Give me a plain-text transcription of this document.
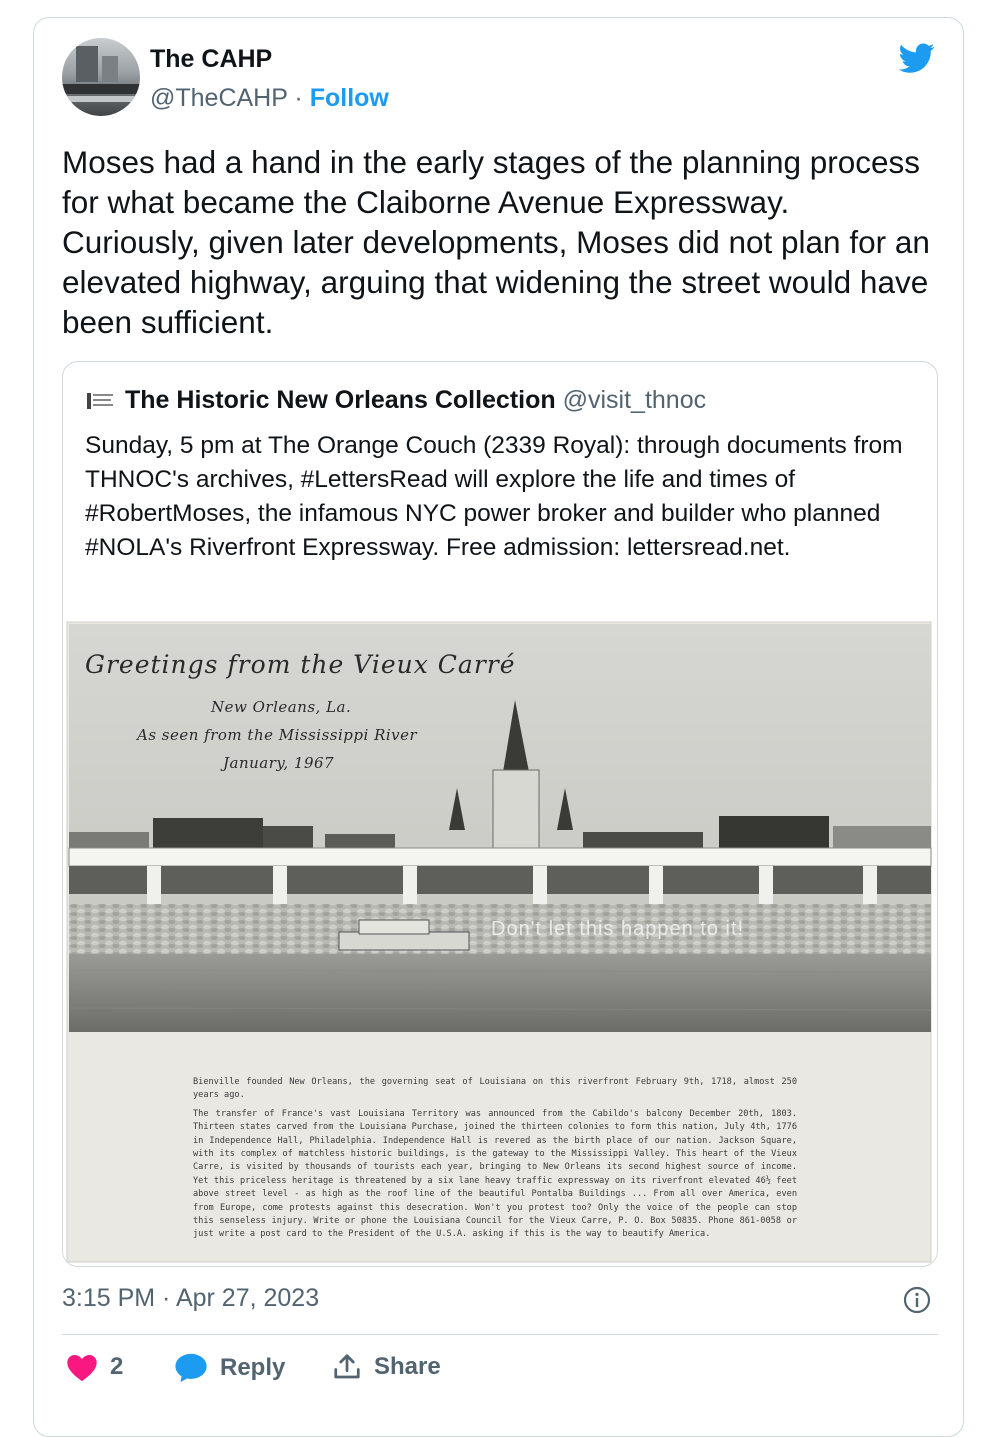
The CAHP
@TheCAHP · Follow

Moses had a hand in the early stages of the planning process for what became the Claiborne Avenue Expressway. Curiously, given later developments, Moses did not plan for an elevated highway, arguing that widening the street would have been sufficient.

The Historic New Orleans Collection @visit_thnoc

Sunday, 5 pm at The Orange Couch (2339 Royal): through documents from THNOC's archives, #LettersRead will explore the life and times of #RobertMoses, the infamous NYC power broker and builder who planned #NOLA's Riverfront Expressway. Free admission: lettersread.net.

Greetings from the Vieux Carré
New Orleans, La.
As seen from the Mississippi River
January, 1967
Don't let this happen to it!

Bienville founded New Orleans, the governing seat of Louisiana on this riverfront February 9th, 1718, almost 250 years ago.

The transfer of France's vast Louisiana Territory was announced from the Cabildo's balcony December 20th, 1803. Thirteen states carved from the Louisiana Purchase, joined the thirteen colonies to form this nation, July 4th, 1776 in Independence Hall, Philadelphia. Independence Hall is revered as the birth place of our nation. Jackson Square, with its complex of matchless historic buildings, is the gateway to the Mississippi Valley. This heart of the Vieux Carre, is visited by thousands of tourists each year, bringing to New Orleans its second highest source of income. Yet this priceless heritage is threatened by a six lane heavy traffic expressway on its riverfront elevated 46½ feet above street level - as high as the roof line of the beautiful Pontalba Buildings ... From all over America, even from Europe, come protests against this desecration. Won't you protest too? Only the voice of the people can stop this senseless injury. Write or phone the Louisiana Council for the Vieux Carre, P. O. Box 50835. Phone 861-0058 or just write a post card to the President of the U.S.A. asking if this is the way to beautify America.

3:15 PM · Apr 27, 2023
2	Reply	Share
